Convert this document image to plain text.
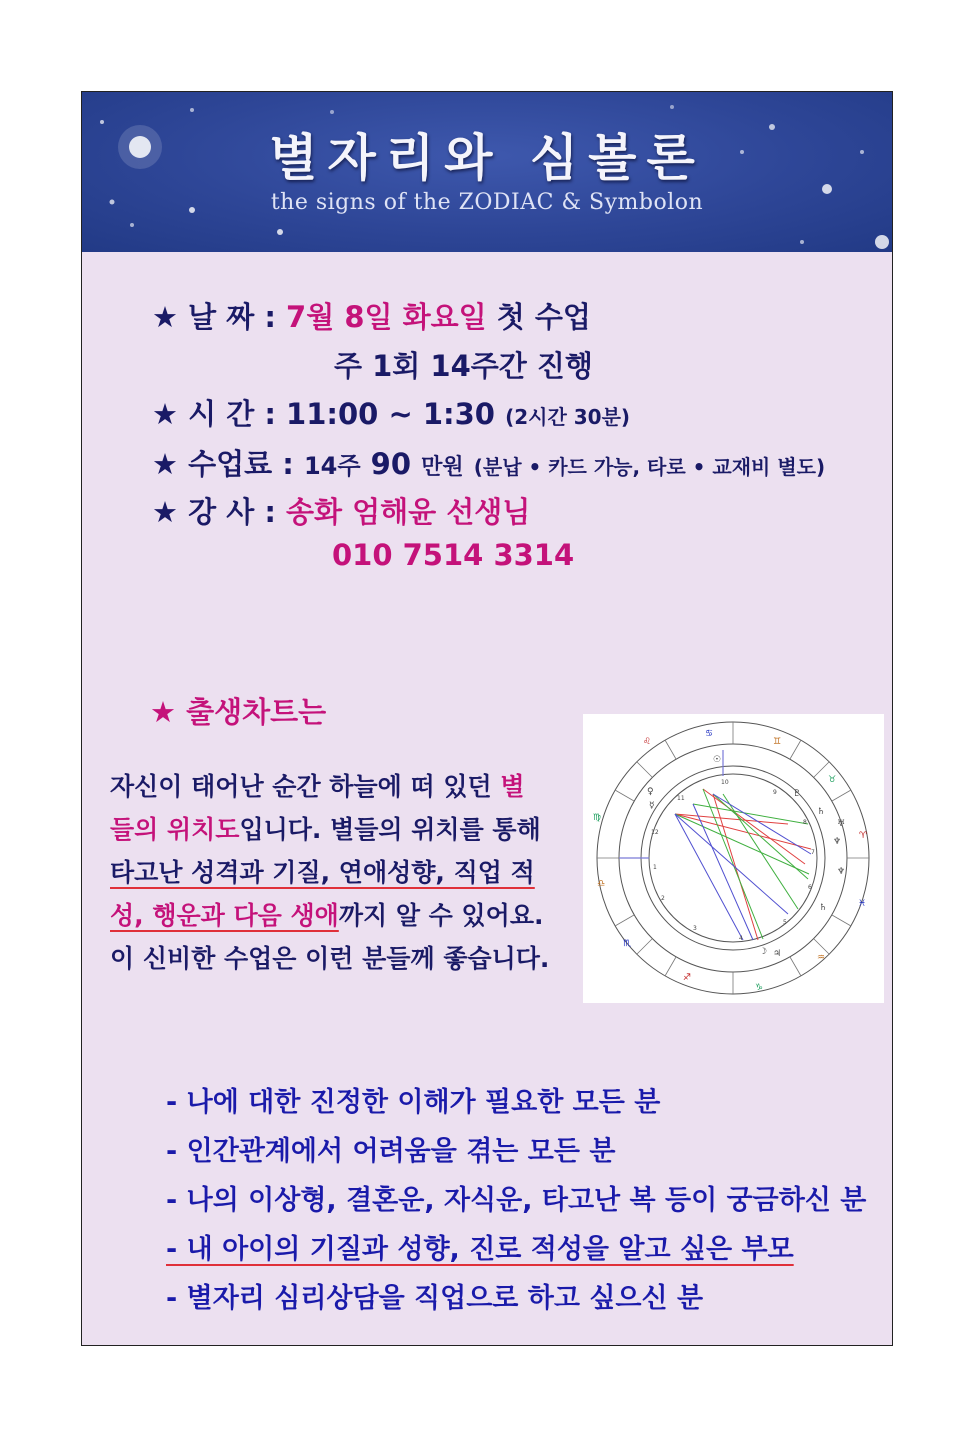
별자리와 심볼론
the signs of the ZODIAC & Symbolon
★ 날 짜 : 7월 8일 화요일 첫 수업
주 1회 14주간 진행
★ 시 간 : 11:00 ~ 1:30 (2시간 30분)
★ 수업료 : 14주 90 만원 (분납 • 카드 가능, 타로 • 교재비 별도)
★ 강 사 : 송화 엄해윤 선생님
010 7514 3314
★ 출생차트는
자신이 태어난 순간 하늘에 떠 있던 별
들의 위치도입니다. 별들의 위치를 통해
타고난 성격과 기질, 연애성향, 직업 적
성, 행운과 다음 생애까지 알 수 있어요.
이 신비한 수업은 이런 분들께 좋습니다.
♋
♊
♌
♉
♈
♓
♍
♎
♏
♐
♑
♒
☉
♀
☿
♇
♄
♆
♅
♆
♄
☽ ♃
10
11
12
1
2
3
4
5
6
7
8
9
- 나에 대한 진정한 이해가 필요한 모든 분
- 인간관계에서 어려움을 겪는 모든 분
- 나의 이상형, 결혼운, 자식운, 타고난 복 등이 궁금하신 분
- 내 아이의 기질과 성향, 진로 적성을 알고 싶은 부모
- 별자리 심리상담을 직업으로 하고 싶으신 분
